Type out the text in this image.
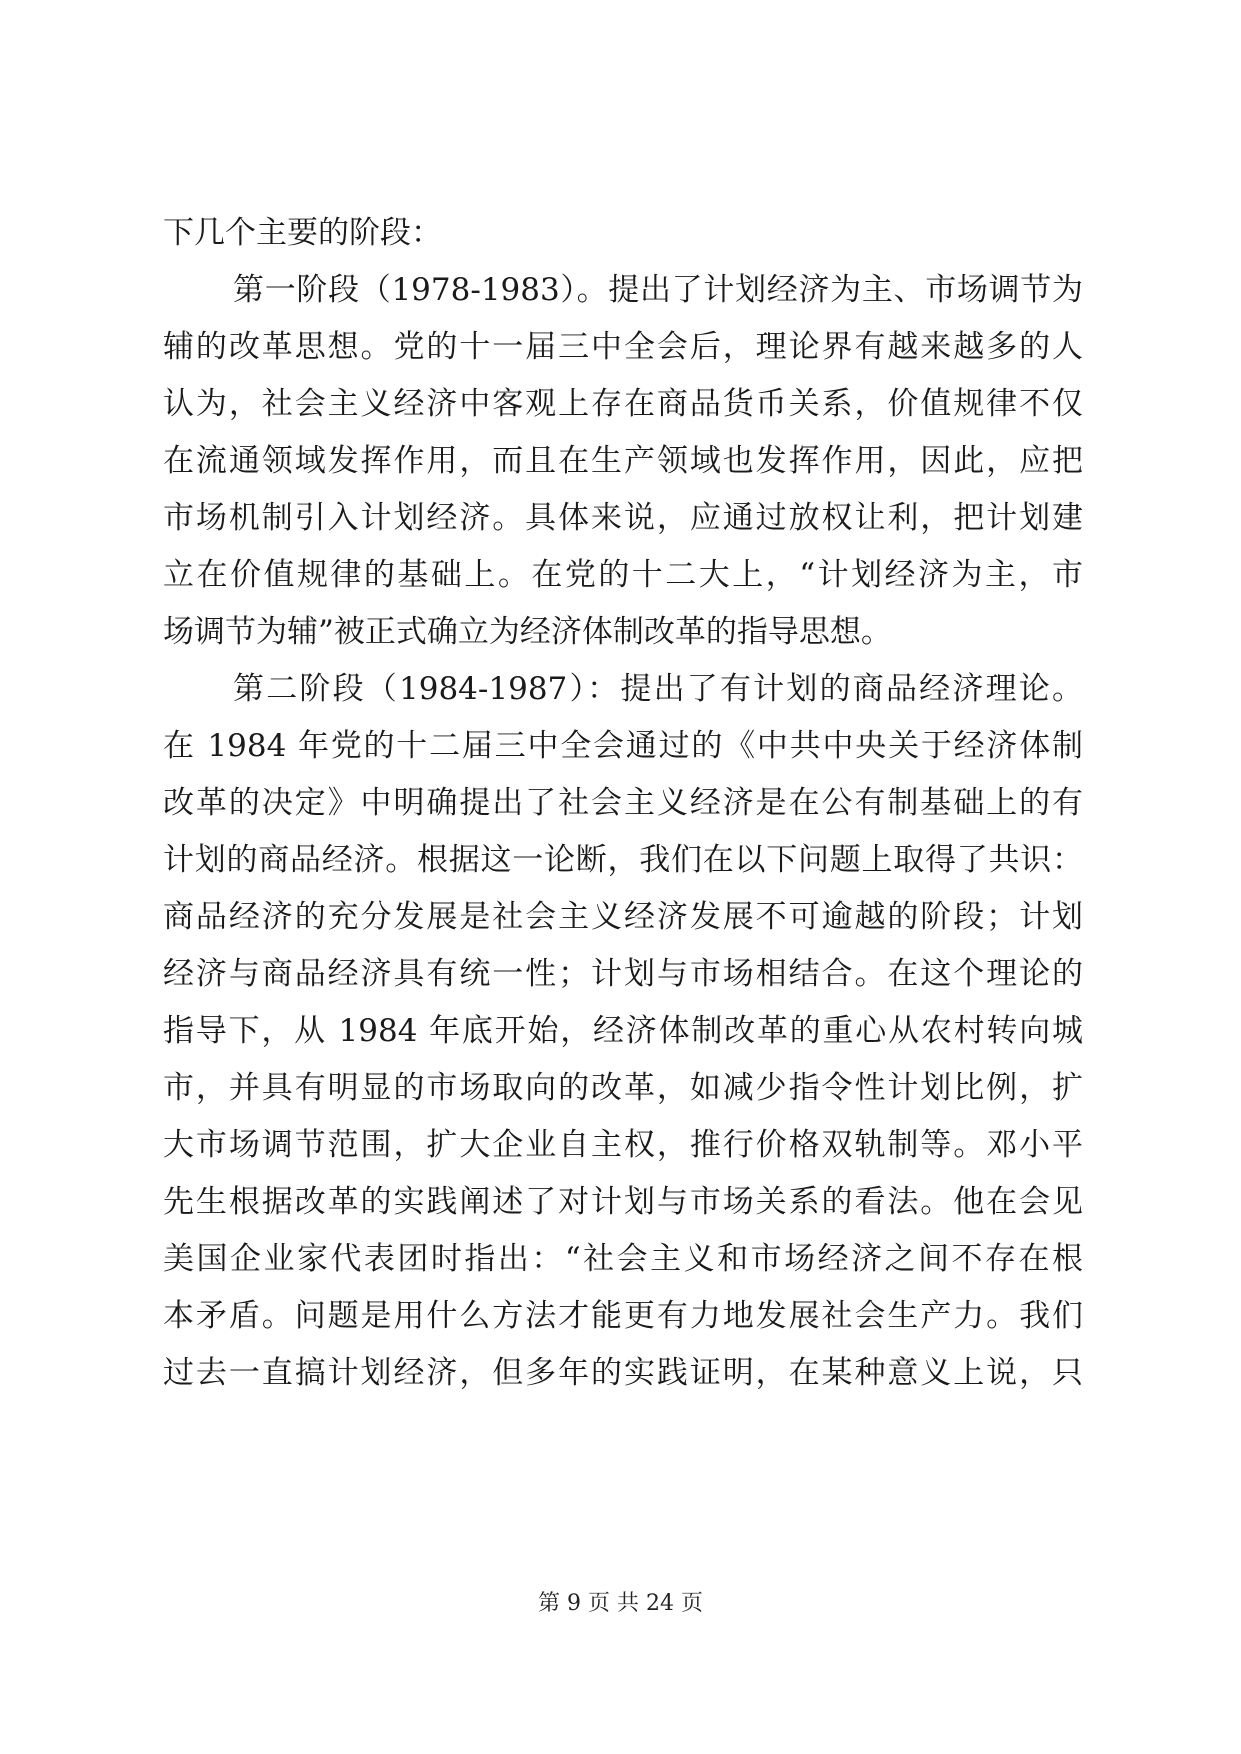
下几个主要的阶段：
第一阶段（1978-1983）。提出了计划经济为主、市场调节为
辅的改革思想。党的十一届三中全会后，理论界有越来越多的人
认为，社会主义经济中客观上存在商品货币关系，价值规律不仅
在流通领域发挥作用，而且在生产领域也发挥作用，因此，应把
市场机制引入计划经济。具体来说，应通过放权让利，把计划建
立在价值规律的基础上。在党的十二大上，“计划经济为主，市
场调节为辅”被正式确立为经济体制改革的指导思想。
第二阶段（1984-1987）：提出了有计划的商品经济理论。
在 1984 年党的十二届三中全会通过的《中共中央关于经济体制
改革的决定》中明确提出了社会主义经济是在公有制基础上的有
计划的商品经济。根据这一论断，我们在以下问题上取得了共识：
商品经济的充分发展是社会主义经济发展不可逾越的阶段；计划
经济与商品经济具有统一性；计划与市场相结合。在这个理论的
指导下，从 1984 年底开始，经济体制改革的重心从农村转向城
市，并具有明显的市场取向的改革，如减少指令性计划比例，扩
大市场调节范围，扩大企业自主权，推行价格双轨制等。邓小平
先生根据改革的实践阐述了对计划与市场关系的看法。他在会见
美国企业家代表团时指出：“社会主义和市场经济之间不存在根
本矛盾。问题是用什么方法才能更有力地发展社会生产力。我们
过去一直搞计划经济，但多年的实践证明，在某种意义上说，只
第 9 页 共 24 页
